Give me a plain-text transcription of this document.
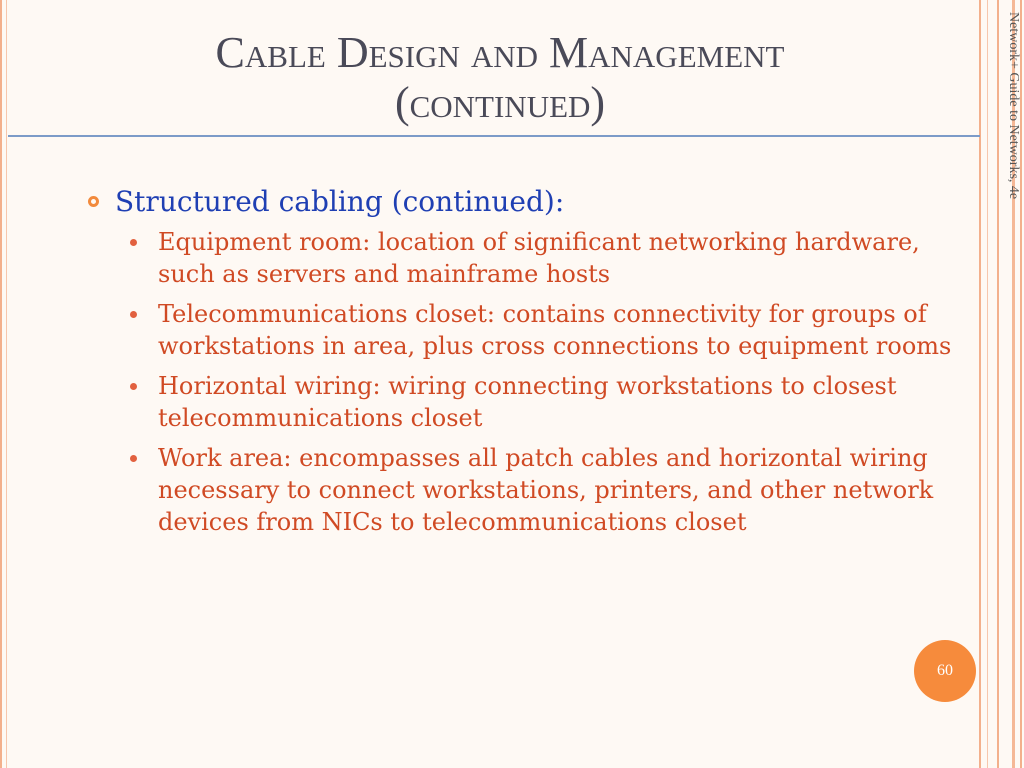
Cable Design and Management
(continued)	Network+ Guide to Networks, 4e
Structured cabling (continued):
Equipment room: location of significant networking hardware, such as servers and mainframe hosts
Telecommunications closet: contains connectivity for groups of workstations in area, plus cross connections to equipment rooms
Horizontal wiring: wiring connecting workstations to closest telecommunications closet
Work area: encompasses all patch cables and horizontal wiring necessary to connect workstations, printers, and other network devices from NICs to telecommunications closet
60
